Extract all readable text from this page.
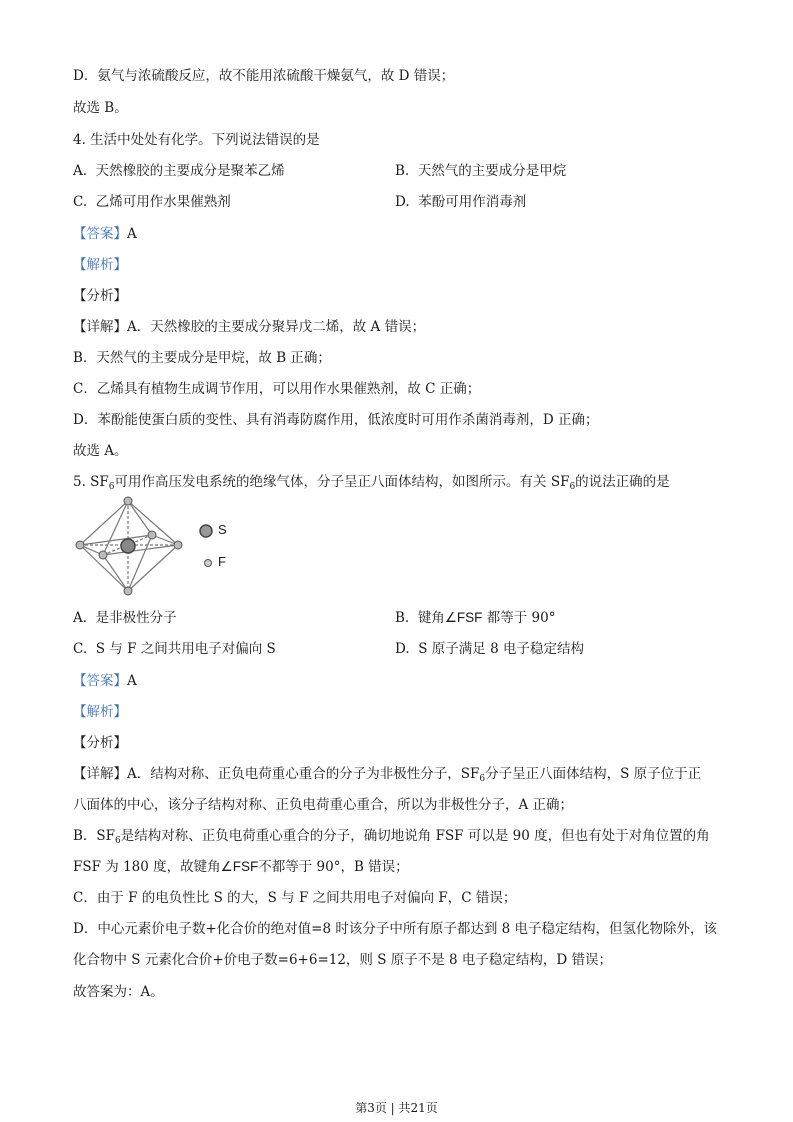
D．氨气与浓硫酸反应，故不能用浓硫酸干燥氨气，故 D 错误；
故选 B。
4. 生活中处处有化学。下列说法错误的是
A. 天然橡胶的主要成分是聚苯乙烯	B. 天然气的主要成分是甲烷
C. 乙烯可用作水果催熟剂	D. 苯酚可用作消毒剂
【答案】A
【解析】
【分析】
【详解】A．天然橡胶的主要成分聚异戊二烯，故 A 错误；
B．天然气的主要成分是甲烷，故 B 正确；
C．乙烯具有植物生成调节作用，可以用作水果催熟剂，故 C 正确；
D．苯酚能使蛋白质的变性、具有消毒防腐作用，低浓度时可用作杀菌消毒剂，D 正确；
故选 A。
5. $SF_6$可用作高压发电系统的绝缘气体，分子呈正八面体结构，如图所示。有关 $SF_6$的说法正确的是
S
F
A. 是非极性分子	B. 键角∠FSF 都等于 90°
C. S 与 F 之间共用电子对偏向 S	D. S 原子满足 8 电子稳定结构
【答案】A
【解析】
【分析】
【详解】A．结构对称、正负电荷重心重合的分子为非极性分子，$SF_6$分子呈正八面体结构，S 原子位于正
八面体的中心，该分子结构对称、正负电荷重心重合，所以为非极性分子，A 正确；
B．$SF_6$是结构对称、正负电荷重心重合的分子，确切地说角 FSF 可以是 90 度，但也有处于对角位置的角
FSF 为 180 度，故键角∠FSF不都等于 90°，B 错误；
C．由于 F 的电负性比 S 的大，S 与 F 之间共用电子对偏向 F，C 错误；
D．中心元素价电子数+化合价的绝对值=8 时该分子中所有原子都达到 8 电子稳定结构，但氢化物除外，该
化合物中 S 元素化合价+价电子数=6+6=12，则 S 原子不是 8 电子稳定结构，D 错误；
故答案为：A。
第3页 | 共21页
